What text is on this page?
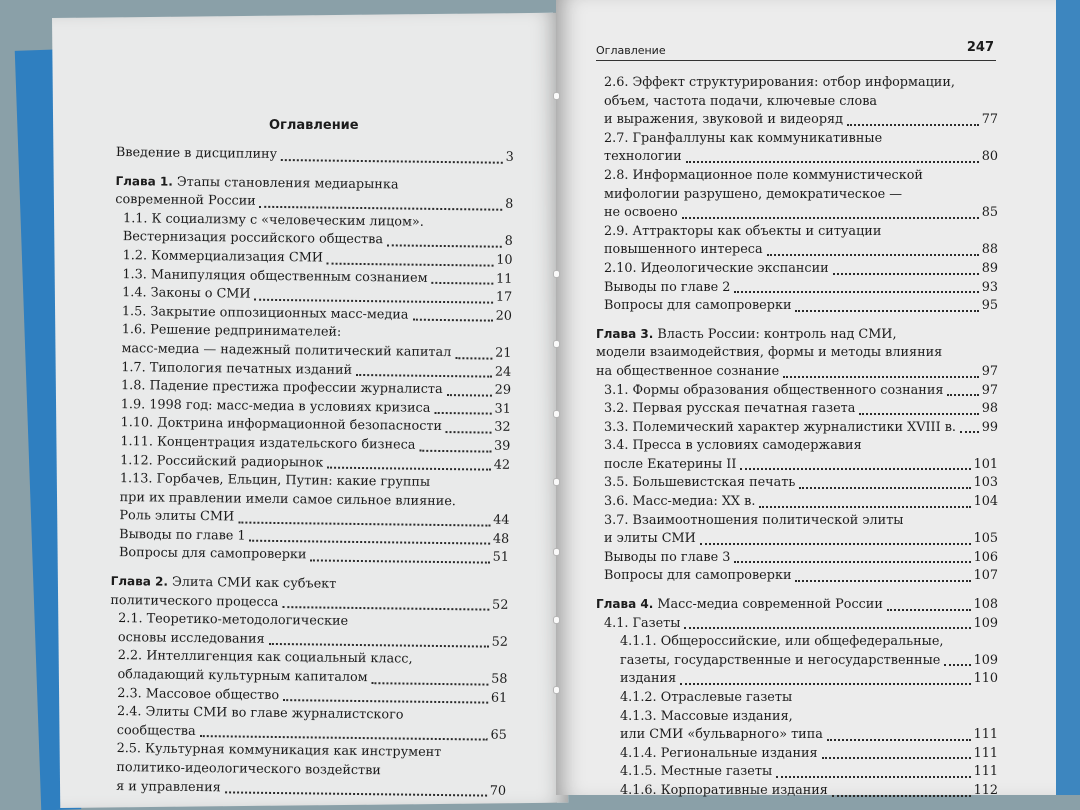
Оглавление	247
Оглавление
Введение в дисциплину	3
Глава 1. Этапы становления медиарынка
современной России	8
1.1. К социализму с «человеческим лицом».
Вестернизация российского общества	8
1.2. Коммерциализация СМИ	10
1.3. Манипуляция общественным сознанием	11
1.4. Законы о СМИ	17
1.5. Закрытие оппозиционных масс-медиа	20
1.6. Решение редпринимателей:
масс-медиа — надежный политический капитал	21
1.7. Типология печатных изданий	24
1.8. Падение престижа профессии журналиста	29
1.9. 1998 год: масс-медиа в условиях кризиса	31
1.10. Доктрина информационной безопасности	32
1.11. Концентрация издательского бизнеса	39
1.12. Российский радиорынок	42
1.13. Горбачев, Ельцин, Путин: какие группы
при их правлении имели самое сильное влияние.
Роль элиты СМИ	44
Выводы по главе 1	48
Вопросы для самопроверки	51
Глава 2. Элита СМИ как субъект
политического процесса	52
2.1. Теоретико-методологические
основы исследования	52
2.2. Интеллигенция как социальный класс,
обладающий культурным капиталом	58
2.3. Массовое общество	61
2.4. Элиты СМИ во главе журналистского
сообщества	65
2.5. Культурная коммуникация как инструмент
политико-идеологического воздействи
я и управления	70
2.6. Эффект структурирования: отбор информации,
объем, частота подачи, ключевые слова
и выражения, звуковой и видеоряд	77
2.7. Гранфаллуны как коммуникативные
технологии	80
2.8. Информационное поле коммунистической
мифологии разрушено, демократическое —
не освоено	85
2.9. Аттракторы как объекты и ситуации
повышенного интереса	88
2.10. Идеологические экспансии	89
Выводы по главе 2	93
Вопросы для самопроверки	95
Глава 3. Власть России: контроль над СМИ,
модели взаимодействия, формы и методы влияния
на общественное сознание	97
3.1. Формы образования общественного сознания	97
3.2. Первая русская печатная газета	98
3.3. Полемический характер журналистики XVIII в. 99
3.4. Пресса в условиях самодержавия
после Екатерины II	101
3.5. Большевистская печать	103
3.6. Масс-медиа: XX в.	104
3.7. Взаимоотношения политической элиты
и элиты СМИ	105
Выводы по главе 3	106
Вопросы для самопроверки	107
Глава 4. Масс-медиа современной России	108
4.1. Газеты	109
4.1.1. Общероссийские, или общефедеральные,
газеты, государственные и негосударственные	109
издания	110
4.1.2. Отраслевые газеты
4.1.3. Массовые издания,
или СМИ «бульварного» типа	111
4.1.4. Региональные издания	111
4.1.5. Местные газеты	111
4.1.6. Корпоративные издания	112
